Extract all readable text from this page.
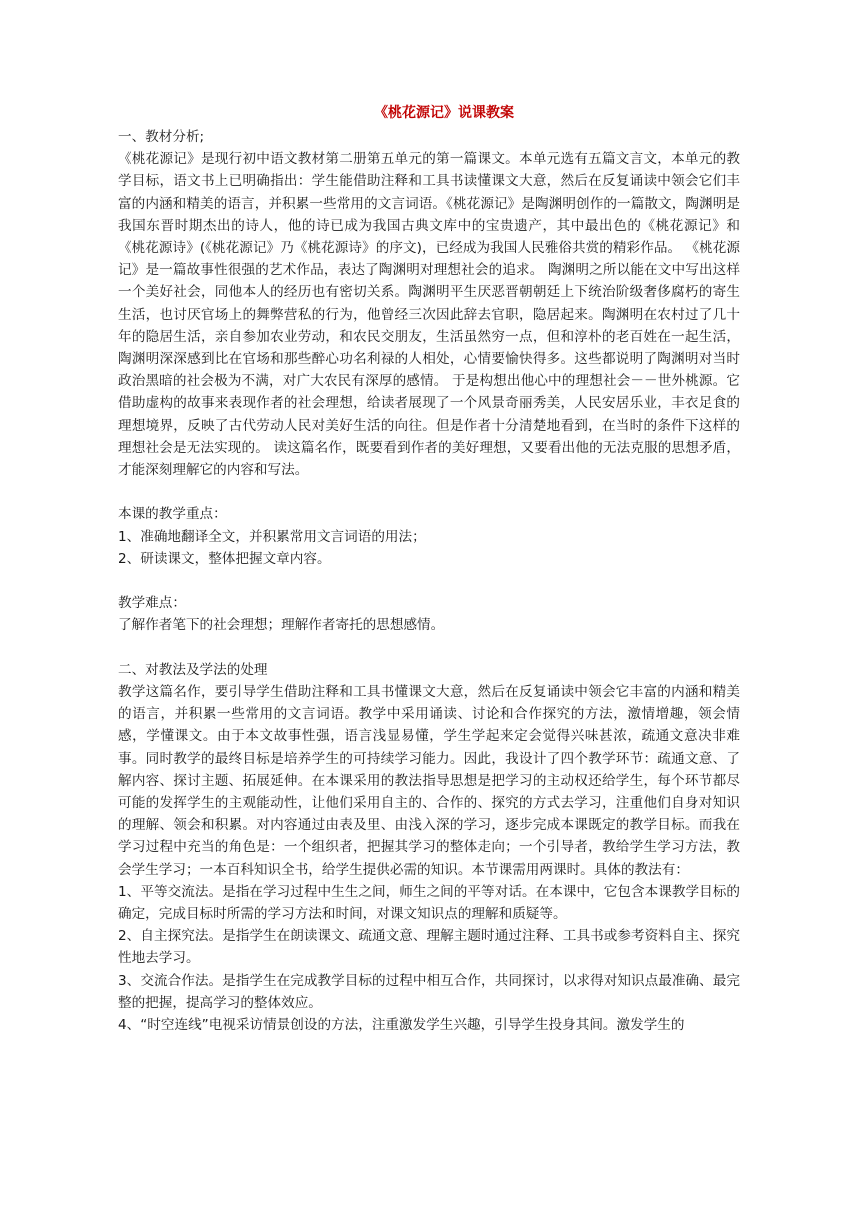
《桃花源记》说课教案

一、教材分析;

《桃花源记》是现行初中语文教材第二册第五单元的第一篇课文。本单元选有五篇文言文，本单元的教学目标，语文书上已明确指出：学生能借助注释和工具书读懂课文大意，然后在反复诵读中领会它们丰富的内涵和精美的语言，并积累一些常用的文言词语。《桃花源记》是陶渊明创作的一篇散文，陶渊明是我国东晋时期杰出的诗人，他的诗已成为我国古典文库中的宝贵遗产，其中最出色的《桃花源记》和《桃花源诗》(《桃花源记》乃《桃花源诗》的序文)，已经成为我国人民雅俗共赏的精彩作品。 《桃花源记》是一篇故事性很强的艺术作品，表达了陶渊明对理想社会的追求。 陶渊明之所以能在文中写出这样一个美好社会，同他本人的经历也有密切关系。陶渊明平生厌恶晋朝朝廷上下统治阶级奢侈腐朽的寄生生活，也讨厌官场上的舞弊营私的行为，他曾经三次因此辞去官职，隐居起来。陶渊明在农村过了几十年的隐居生活，亲自参加农业劳动，和农民交朋友，生活虽然穷一点，但和淳朴的老百姓在一起生活，陶渊明深深感到比在官场和那些醉心功名利禄的人相处，心情要愉快得多。这些都说明了陶渊明对当时政治黑暗的社会极为不满，对广大农民有深厚的感情。 于是构想出他心中的理想社会－－世外桃源。它借助虚构的故事来表现作者的社会理想，给读者展现了一个风景奇丽秀美，人民安居乐业，丰衣足食的理想境界，反映了古代劳动人民对美好生活的向往。但是作者十分清楚地看到，在当时的条件下这样的理想社会是无法实现的。 读这篇名作，既要看到作者的美好理想，又要看出他的无法克服的思想矛盾，才能深刻理解它的内容和写法。

本课的教学重点：

1、准确地翻译全文，并积累常用文言词语的用法；

2、研读课文，整体把握文章内容。

教学难点：

了解作者笔下的社会理想；理解作者寄托的思想感情。

二、对教法及学法的处理

教学这篇名作，要引导学生借助注释和工具书懂课文大意，然后在反复诵读中领会它丰富的内涵和精美的语言，并积累一些常用的文言词语。教学中采用诵读、讨论和合作探究的方法，激情增趣，领会情感，学懂课文。由于本文故事性强，语言浅显易懂，学生学起来定会觉得兴味甚浓，疏通文意决非难事。同时教学的最终目标是培养学生的可持续学习能力。因此，我设计了四个教学环节：疏通文意、了解内容、探讨主题、拓展延伸。在本课采用的教法指导思想是把学习的主动权还给学生，每个环节都尽可能的发挥学生的主观能动性，让他们采用自主的、合作的、探究的方式去学习，注重他们自身对知识的理解、领会和积累。对内容通过由表及里、由浅入深的学习，逐步完成本课既定的教学目标。而我在学习过程中充当的角色是：一个组织者，把握其学习的整体走向；一个引导者，教给学生学习方法，教会学生学习；一本百科知识全书，给学生提供必需的知识。本节课需用两课时。具体的教法有：

1、平等交流法。是指在学习过程中生生之间，师生之间的平等对话。在本课中，它包含本课教学目标的确定，完成目标时所需的学习方法和时间，对课文知识点的理解和质疑等。

2、自主探究法。是指学生在朗读课文、疏通文意、理解主题时通过注释、工具书或参考资料自主、探究性地去学习。

3、交流合作法。是指学生在完成教学目标的过程中相互合作，共同探讨，以求得对知识点最准确、最完整的把握，提高学习的整体效应。

4、“时空连线”电视采访情景创设的方法，注重激发学生兴趣，引导学生投身其间。激发学生的
